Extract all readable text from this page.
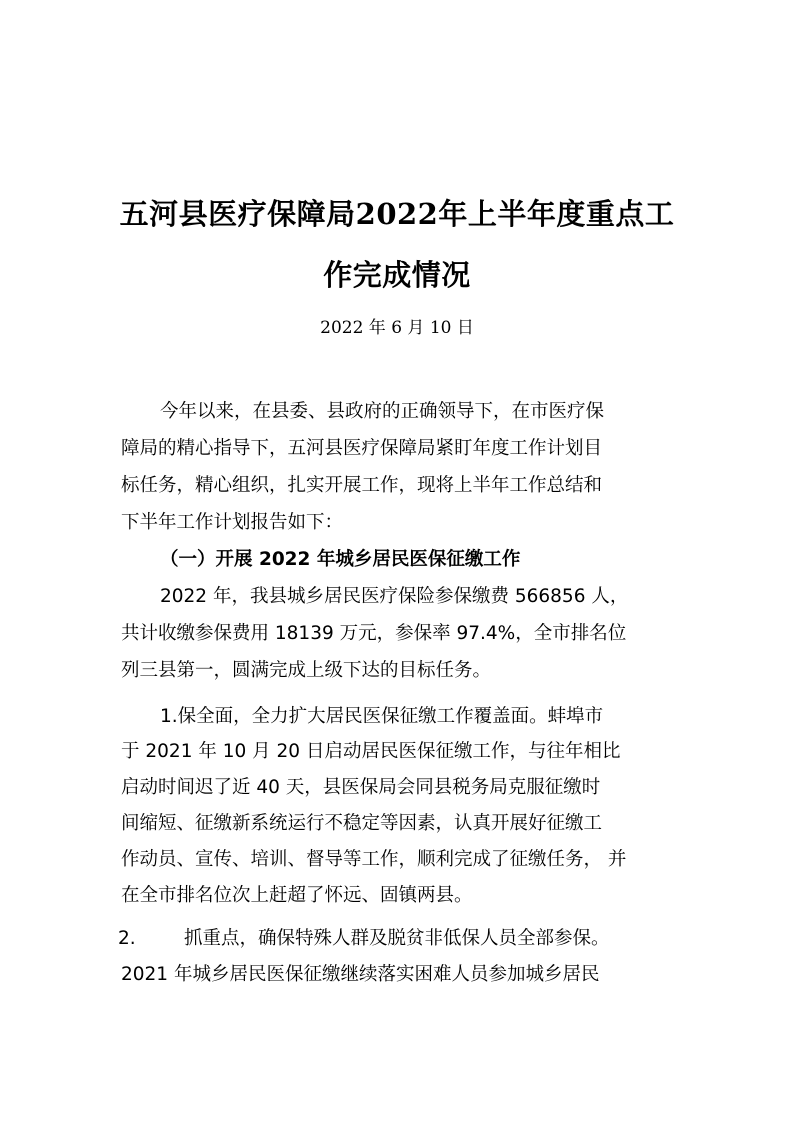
五河县医疗保障局2022年上半年度重点工
作完成情况

2022 年 6 月 10 日

今年以来，在县委、县政府的正确领导下，在市医疗保

障局的精心指导下，五河县医疗保障局紧盯年度工作计划目

标任务，精心组织，扎实开展工作，现将上半年工作总结和

下半年工作计划报告如下：

（一）开展 2022 年城乡居民医保征缴工作

2022 年，我县城乡居民医疗保险参保缴费 566856 人，

共计收缴参保费用 18139 万元，参保率 97.4%，全市排名位

列三县第一，圆满完成上级下达的目标任务。

1.保全面，全力扩大居民医保征缴工作覆盖面。蚌埠市

于 2021 年 10 月 20 日启动居民医保征缴工作，与往年相比

启动时间迟了近 40 天，县医保局会同县税务局克服征缴时

间缩短、征缴新系统运行不稳定等因素，认真开展好征缴工

作动员、宣传、培训、督导等工作，顺利完成了征缴任务， 并

在全市排名位次上赶超了怀远、固镇两县。

2.	抓重点，确保特殊人群及脱贫非低保人员全部参保。

2021 年城乡居民医保征缴继续落实困难人员参加城乡居民
